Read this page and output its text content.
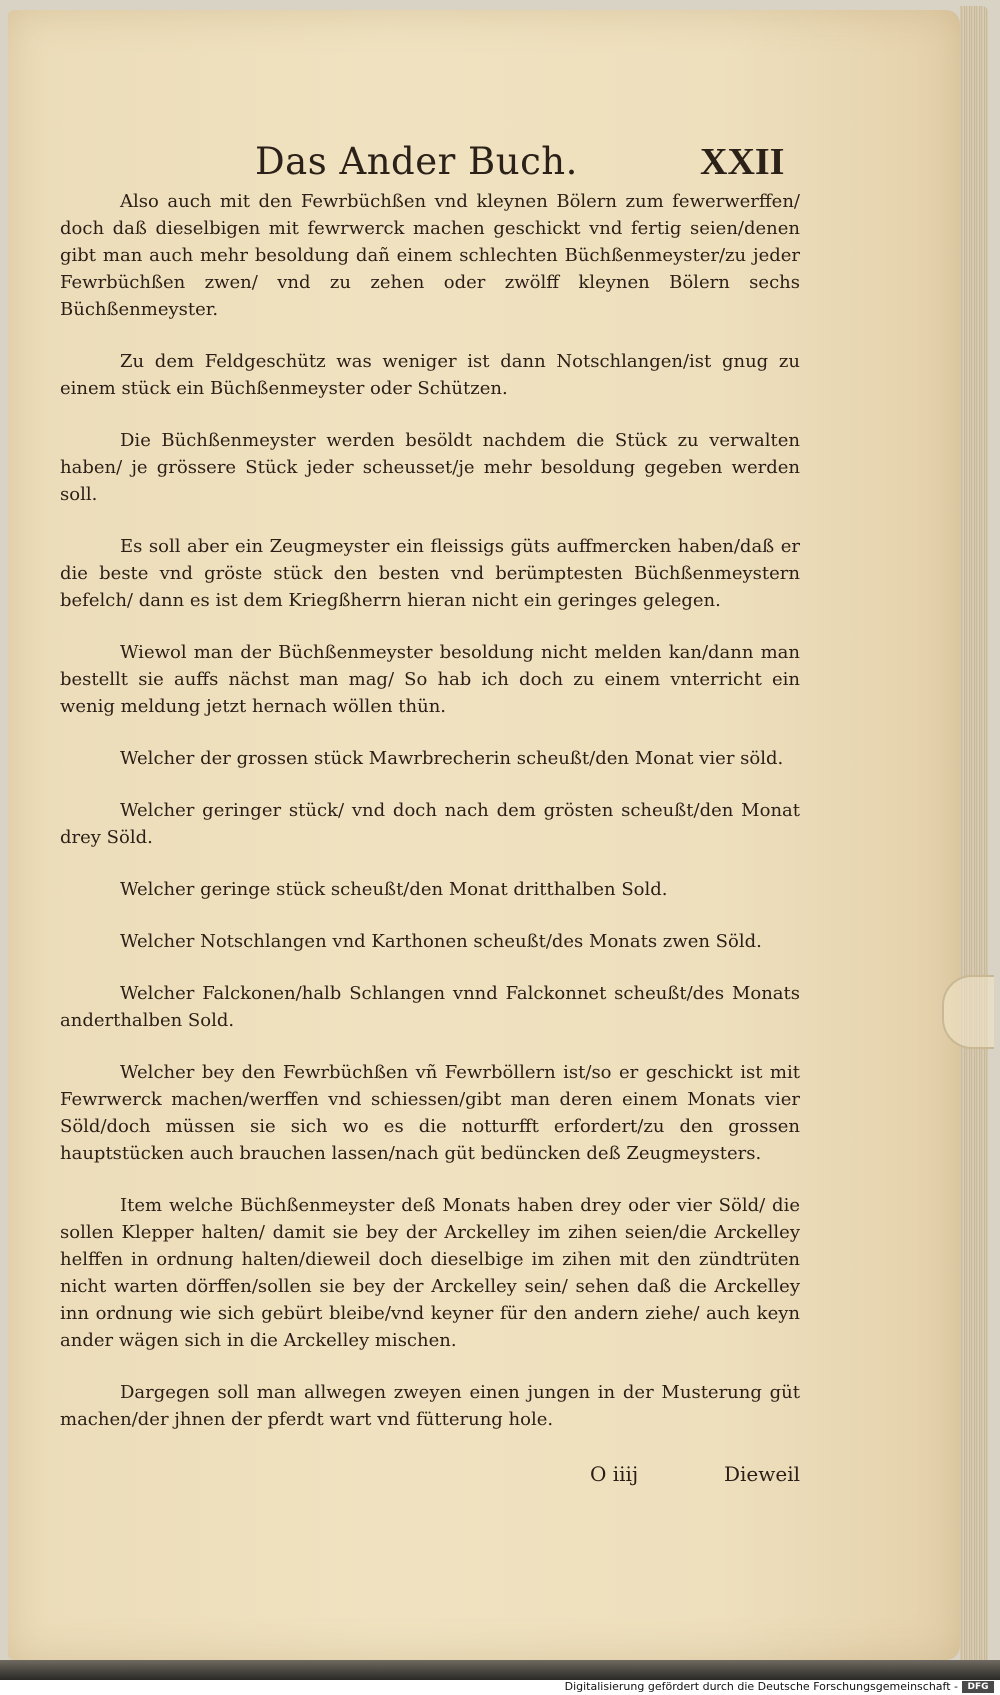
Das Ander Buch.	XXII

Also auch mit den Fewrbüchßen vnd kleynen Bölern zum fewerwerffen/ doch daß dieselbigen mit fewrwerck machen geschickt vnd fertig seien/denen gibt man auch mehr besoldung dañ einem schlechten Büchßenmeyster/zu jeder Fewrbüchßen zwen/ vnd zu zehen oder zwölff kleynen Bölern sechs Büchßenmeyster.

Zu dem Feldgeschütz was weniger ist dann Notschlangen/ist gnug zu einem stück ein Büchßenmeyster oder Schützen.

Die Büchßenmeyster werden besöldt nachdem die Stück zu verwalten haben/ je grössere Stück jeder scheusset/je mehr besoldung gegeben werden soll.

Es soll aber ein Zeugmeyster ein fleissigs güts auffmercken haben/daß er die beste vnd gröste stück den besten vnd berümptesten Büchßenmeystern befelch/ dann es ist dem Kriegßherrn hieran nicht ein geringes gelegen.

Wiewol man der Büchßenmeyster besoldung nicht melden kan/dann man bestellt sie auffs nächst man mag/ So hab ich doch zu einem vnterricht ein wenig meldung jetzt hernach wöllen thün.

Welcher der grossen stück Mawrbrecherin scheußt/den Monat vier söld.

Welcher geringer stück/ vnd doch nach dem grösten scheußt/den Monat drey Söld.

Welcher geringe stück scheußt/den Monat dritthalben Sold.

Welcher Notschlangen vnd Karthonen scheußt/des Monats zwen Söld.

Welcher Falckonen/halb Schlangen vnnd Falckonnet scheußt/des Monats anderthalben Sold.

Welcher bey den Fewrbüchßen vñ Fewrböllern ist/so er geschickt ist mit Fewrwerck machen/werffen vnd schiessen/gibt man deren einem Monats vier Söld/doch müssen sie sich wo es die notturfft erfordert/zu den grossen hauptstücken auch brauchen lassen/nach güt bedüncken deß Zeugmeysters.

Item welche Büchßenmeyster deß Monats haben drey oder vier Söld/ die sollen Klepper halten/ damit sie bey der Arckelley im zihen seien/die Arckelley helffen in ordnung halten/dieweil doch dieselbige im zihen mit den zündtrüten nicht warten dörffen/sollen sie bey der Arckelley sein/ sehen daß die Arckelley inn ordnung wie sich gebürt bleibe/vnd keyner für den andern ziehe/ auch keyn ander wägen sich in die Arckelley mischen.

Dargegen soll man allwegen zweyen einen jungen in der Musterung güt machen/der jhnen der pferdt wart vnd fütterung hole.

O iiij	Dieweil
Digitalisierung gefördert durch die Deutsche Forschungsgemeinschaft -	DFG
